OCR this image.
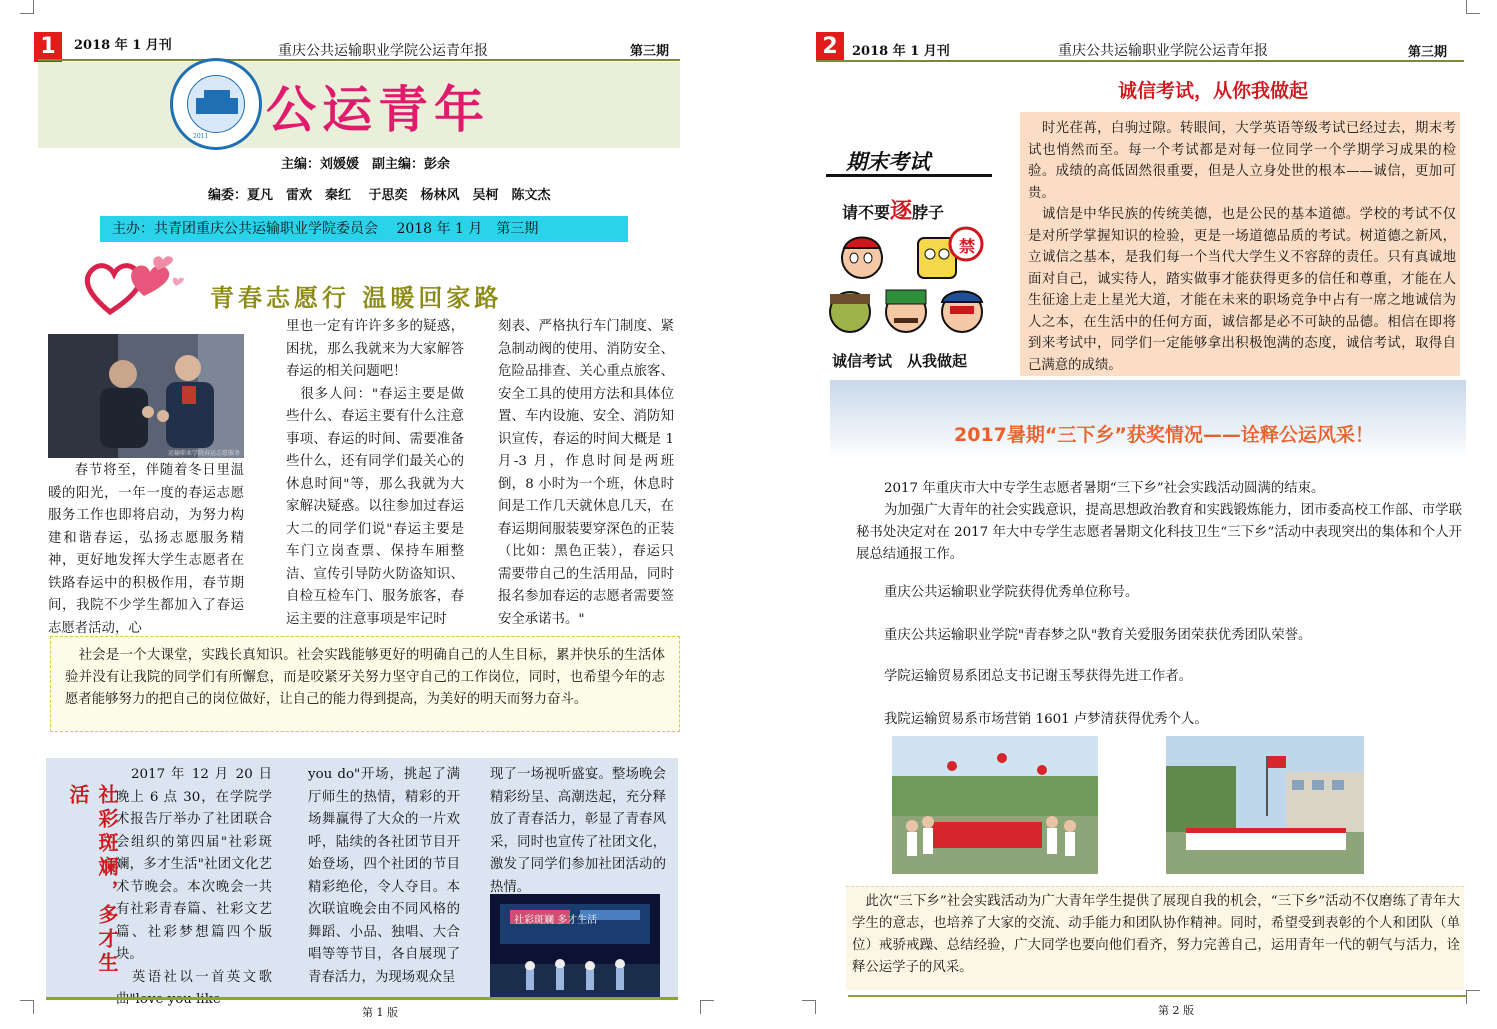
1	2018 年 1 月刊	重庆公共运输职业学院公运青年报	第三期
2011 公运青年
主编：刘媛媛　副主编：彭余
编委：夏凡　雷欢　秦红　 于思奕　杨林风　吴柯　陈文杰
主办：共青团重庆公共运输职业学院委员会　 2018 年 1 月　第三期
青春志愿行 温暖回家路
运输职业学院春运志愿服务
春节将至，伴随着冬日里温暖的阳光，一年一度的春运志愿服务工作也即将启动，为努力构建和谐春运，弘扬志愿服务精神，更好地发挥大学生志愿者在铁路春运中的积极作用，春节期间，我院不少学生都加入了春运志愿者活动，心
里也一定有许许多多的疑惑，困扰，那么我就来为大家解答春运的相关问题吧！
　很多人问："春运主要是做些什么、春运主要有什么注意事项、春运的时间、需要准备些什么，还有同学们最关心的休息时间"等，那么我就为大家解决疑惑。以往参加过春运大二的同学们说"春运主要是车门立岗查票、保持车厢整洁、宣传引导防火防盗知识、自检互检车门、服务旅客，春运主要的注意事项是牢记时
刻表、严格执行车门制度、紧急制动阀的使用、消防安全、危险品排查、关心重点旅客、安全工具的使用方法和具体位置、车内设施、安全、消防知识宣传，春运的时间大概是 1 月-3 月，作息时间是两班倒，8 小时为一个班，休息时间是工作几天就休息几天，在春运期间服装要穿深色的正装（比如：黑色正装），春运只需要带自己的生活用品，同时报名参加春运的志愿者需要签安全承诺书。"
　社会是一个大课堂，实践长真知识。社会实践能够更好的明确自己的人生目标，累并快乐的生活体验并没有让我院的同学们有所懈怠，而是咬紧牙关努力坚守自己的工作岗位，同时，也希望今年的志愿者能够努力的把自己的岗位做好，让自己的能力得到提高，为美好的明天而努力奋斗。
社彩斑斓，多才生活
　2017 年 12 月 20 日晚上 6 点 30，在学院学术报告厅举办了社团联合会组织的第四届"社彩斑斓，多才生活"社团文化艺术节晚会。本次晚会一共有社彩青春篇、社彩文艺篇、社彩梦想篇四个版块。
　英语社以一首英文歌
you do"开场，挑起了满厅师生的热情，精彩的开场舞赢得了大众的一片欢呼，陆续的各社团节目开始登场，四个社团的节目精彩绝伦，令人夺目。本次联谊晚会由不同风格的舞蹈、小品、独唱、大合唱等等节目，各自展现了青春活力，为现场观众呈
现了一场视听盛宴。整场晚会精彩纷呈、高潮迭起，充分释放了青春活力，彰显了青春风采，同时也宣传了社团文化，激发了同学们参加社团活动的热情。
社彩斑斓 多才生活
第 1 版
2	2018 年 1 月刊	重庆公共运输职业学院公运青年报	第三期
诚信考试，从你我做起
期末考试
请不要逐脖子
禁
诚信考试　从我做起
　时光荏苒，白驹过隙。转眼间，大学英语等级考试已经过去，期末考试也悄然而至。每一个考试都是对每一位同学一个学期学习成果的检验。成绩的高低固然很重要，但是人立身处世的根本——诚信，更加可贵。
　诚信是中华民族的传统美德，也是公民的基本道德。学校的考试不仅是对所学掌握知识的检验，更是一场道德品质的考试。树道德之新风，立诚信之基本，是我们每一个当代大学生义不容辞的责任。只有真诚地面对自己，诚实待人，踏实做事才能获得更多的信任和尊重，才能在人生征途上走上星光大道，才能在未来的职场竞争中占有一席之地诚信为人之本，在生活中的任何方面，诚信都是必不可缺的品德。相信在即将到来考试中，同学们一定能够拿出积极饱满的态度，诚信考试，取得自己满意的成绩。
2017暑期“三下乡”获奖情况——诠释公运风采！
2017 年重庆市大中专学生志愿者暑期“三下乡”社会实践活动圆满的结束。
为加强广大青年的社会实践意识，提高思想政治教育和实践锻炼能力，团市委高校工作部、市学联秘书处决定对在 2017 年大中专学生志愿者暑期文化科技卫生“三下乡”活动中表现突出的集体和个人开展总结通报工作。
重庆公共运输职业学院获得优秀单位称号。
重庆公共运输职业学院"青春梦之队"教育关爱服务团荣获优秀团队荣誉。
学院运输贸易系团总支书记谢玉琴获得先进工作者。
我院运输贸易系市场营销 1601 卢梦清获得优秀个人。
　此次“三下乡”社会实践活动为广大青年学生提供了展现自我的机会，“三下乡”活动不仅磨练了青年大学生的意志，也培养了大家的交流、动手能力和团队协作精神。同时，希望受到表彰的个人和团队（单位）戒骄戒躁、总结经验，广大同学也要向他们看齐，努力完善自己，运用青年一代的朝气与活力，诠释公运学子的风采。
第 2 版
